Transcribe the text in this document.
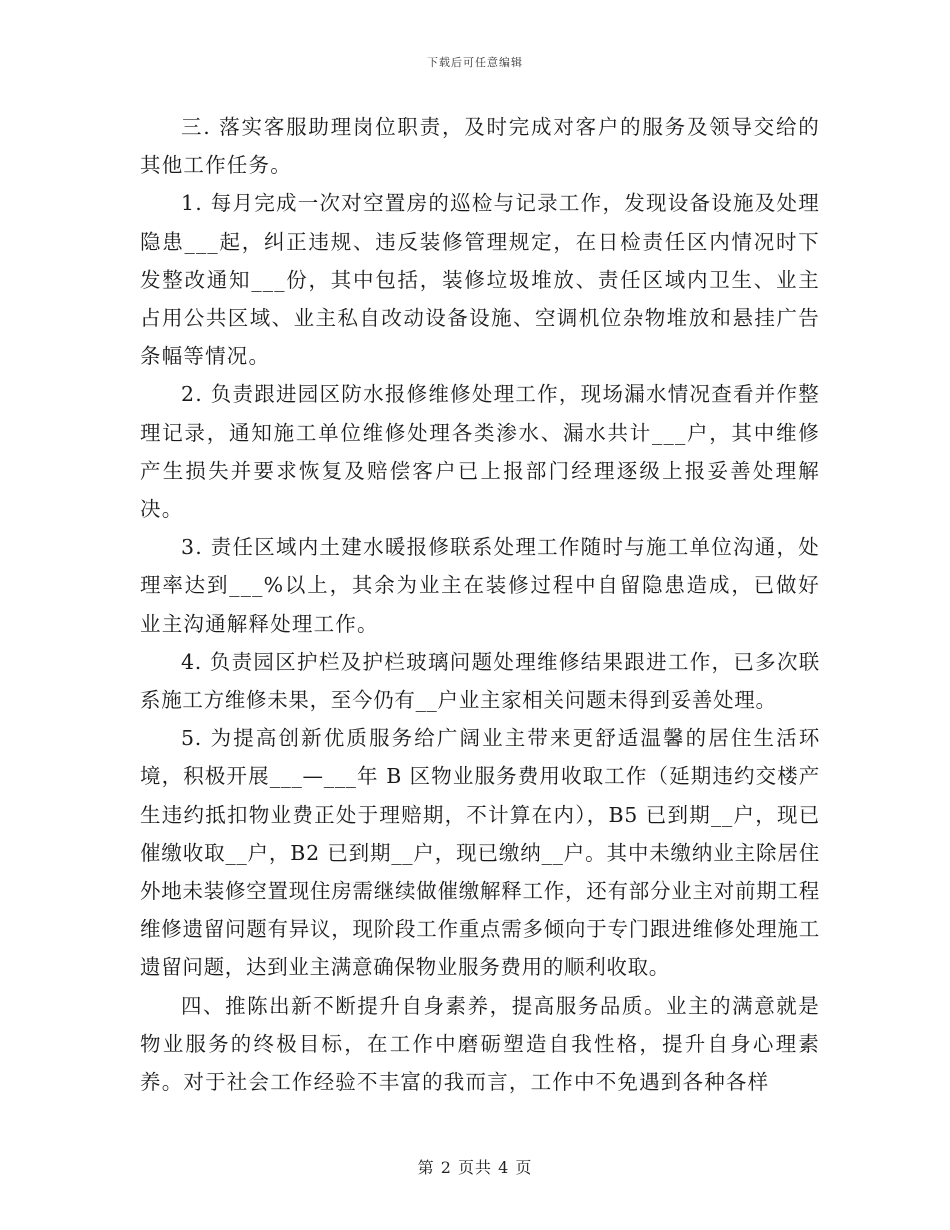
下载后可任意编辑

三. 落实客服助理岗位职责，及时完成对客户的服务及领导交给的其他工作任务。

1. 每月完成一次对空置房的巡检与记录工作，发现设备设施及处理隐患___起，纠正违规、违反装修管理规定，在日检责任区内情况时下发整改通知___份，其中包括，装修垃圾堆放、责任区域内卫生、业主占用公共区域、业主私自改动设备设施、空调机位杂物堆放和悬挂广告条幅等情况。

2. 负责跟进园区防水报修维修处理工作，现场漏水情况查看并作整理记录，通知施工单位维修处理各类渗水、漏水共计___户，其中维修产生损失并要求恢复及赔偿客户已上报部门经理逐级上报妥善处理解决。

3. 责任区域内土建水暖报修联系处理工作随时与施工单位沟通，处理率达到___%以上，其余为业主在装修过程中自留隐患造成，已做好业主沟通解释处理工作。

4. 负责园区护栏及护栏玻璃问题处理维修结果跟进工作，已多次联系施工方维修未果，至今仍有__户业主家相关问题未得到妥善处理。

5. 为提高创新优质服务给广阔业主带来更舒适温馨的居住生活环境，积极开展___—___年 B 区物业服务费用收取工作（延期违约交楼产生违约抵扣物业费正处于理赔期，不计算在内），B5 已到期__户，现已催缴收取__户，B2 已到期__户，现已缴纳__户。其中未缴纳业主除居住外地未装修空置现住房需继续做催缴解释工作，还有部分业主对前期工程维修遗留问题有异议，现阶段工作重点需多倾向于专门跟进维修处理施工遗留问题，达到业主满意确保物业服务费用的顺利收取。

四、推陈出新不断提升自身素养，提高服务品质。业主的满意就是物业服务的终极目标，在工作中磨砺塑造自我性格，提升自身心理素养。对于社会工作经验不丰富的我而言，工作中不免遇到各种各样

第 2 页共 4 页
